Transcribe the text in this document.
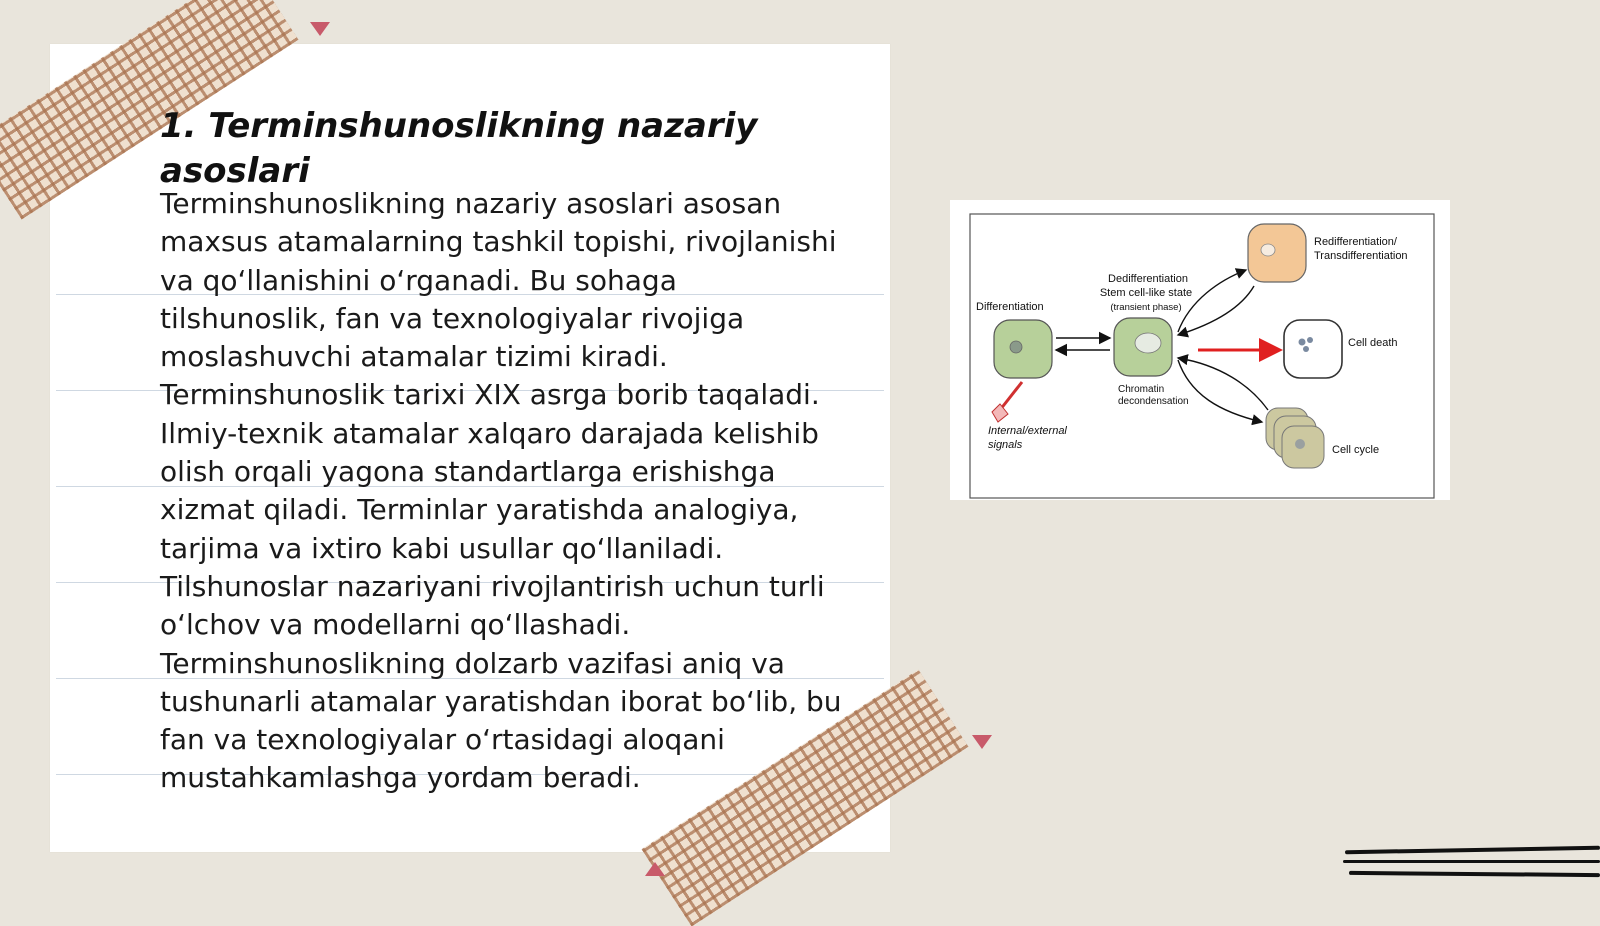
1. Terminshunoslikning nazariy asoslari

Terminshunoslikning nazariy asoslari asosan maxsus atamalarning tashkil topishi, rivojlanishi va qo‘llanishini o‘rganadi. Bu sohaga tilshunoslik, fan va texnologiyalar rivojiga moslashuvchi atamalar tizimi kiradi. Terminshunoslik tarixi XIX asrga borib taqaladi. Ilmiy-texnik atamalar xalqaro darajada kelishib olish orqali yagona standartlarga erishishga xizmat qiladi. Terminlar yaratishda analogiya, tarjima va ixtiro kabi usullar qo‘llaniladi. Tilshunoslar nazariyani rivojlantirish uchun turli o‘lchov va modellarni qo‘llashadi. Terminshunoslikning dolzarb vazifasi aniq va tushunarli atamalar yaratishdan iborat bo‘lib, bu fan va texnologiyalar o‘rtasidagi aloqani mustahkamlashga yordam beradi.

Differentiation
Dedifferentiation
Stem cell-like state
(transient phase)
Chromatin
decondensation
Internal/external
signals
Redifferentiation/
Transdifferentiation
Cell death
Cell cycle
